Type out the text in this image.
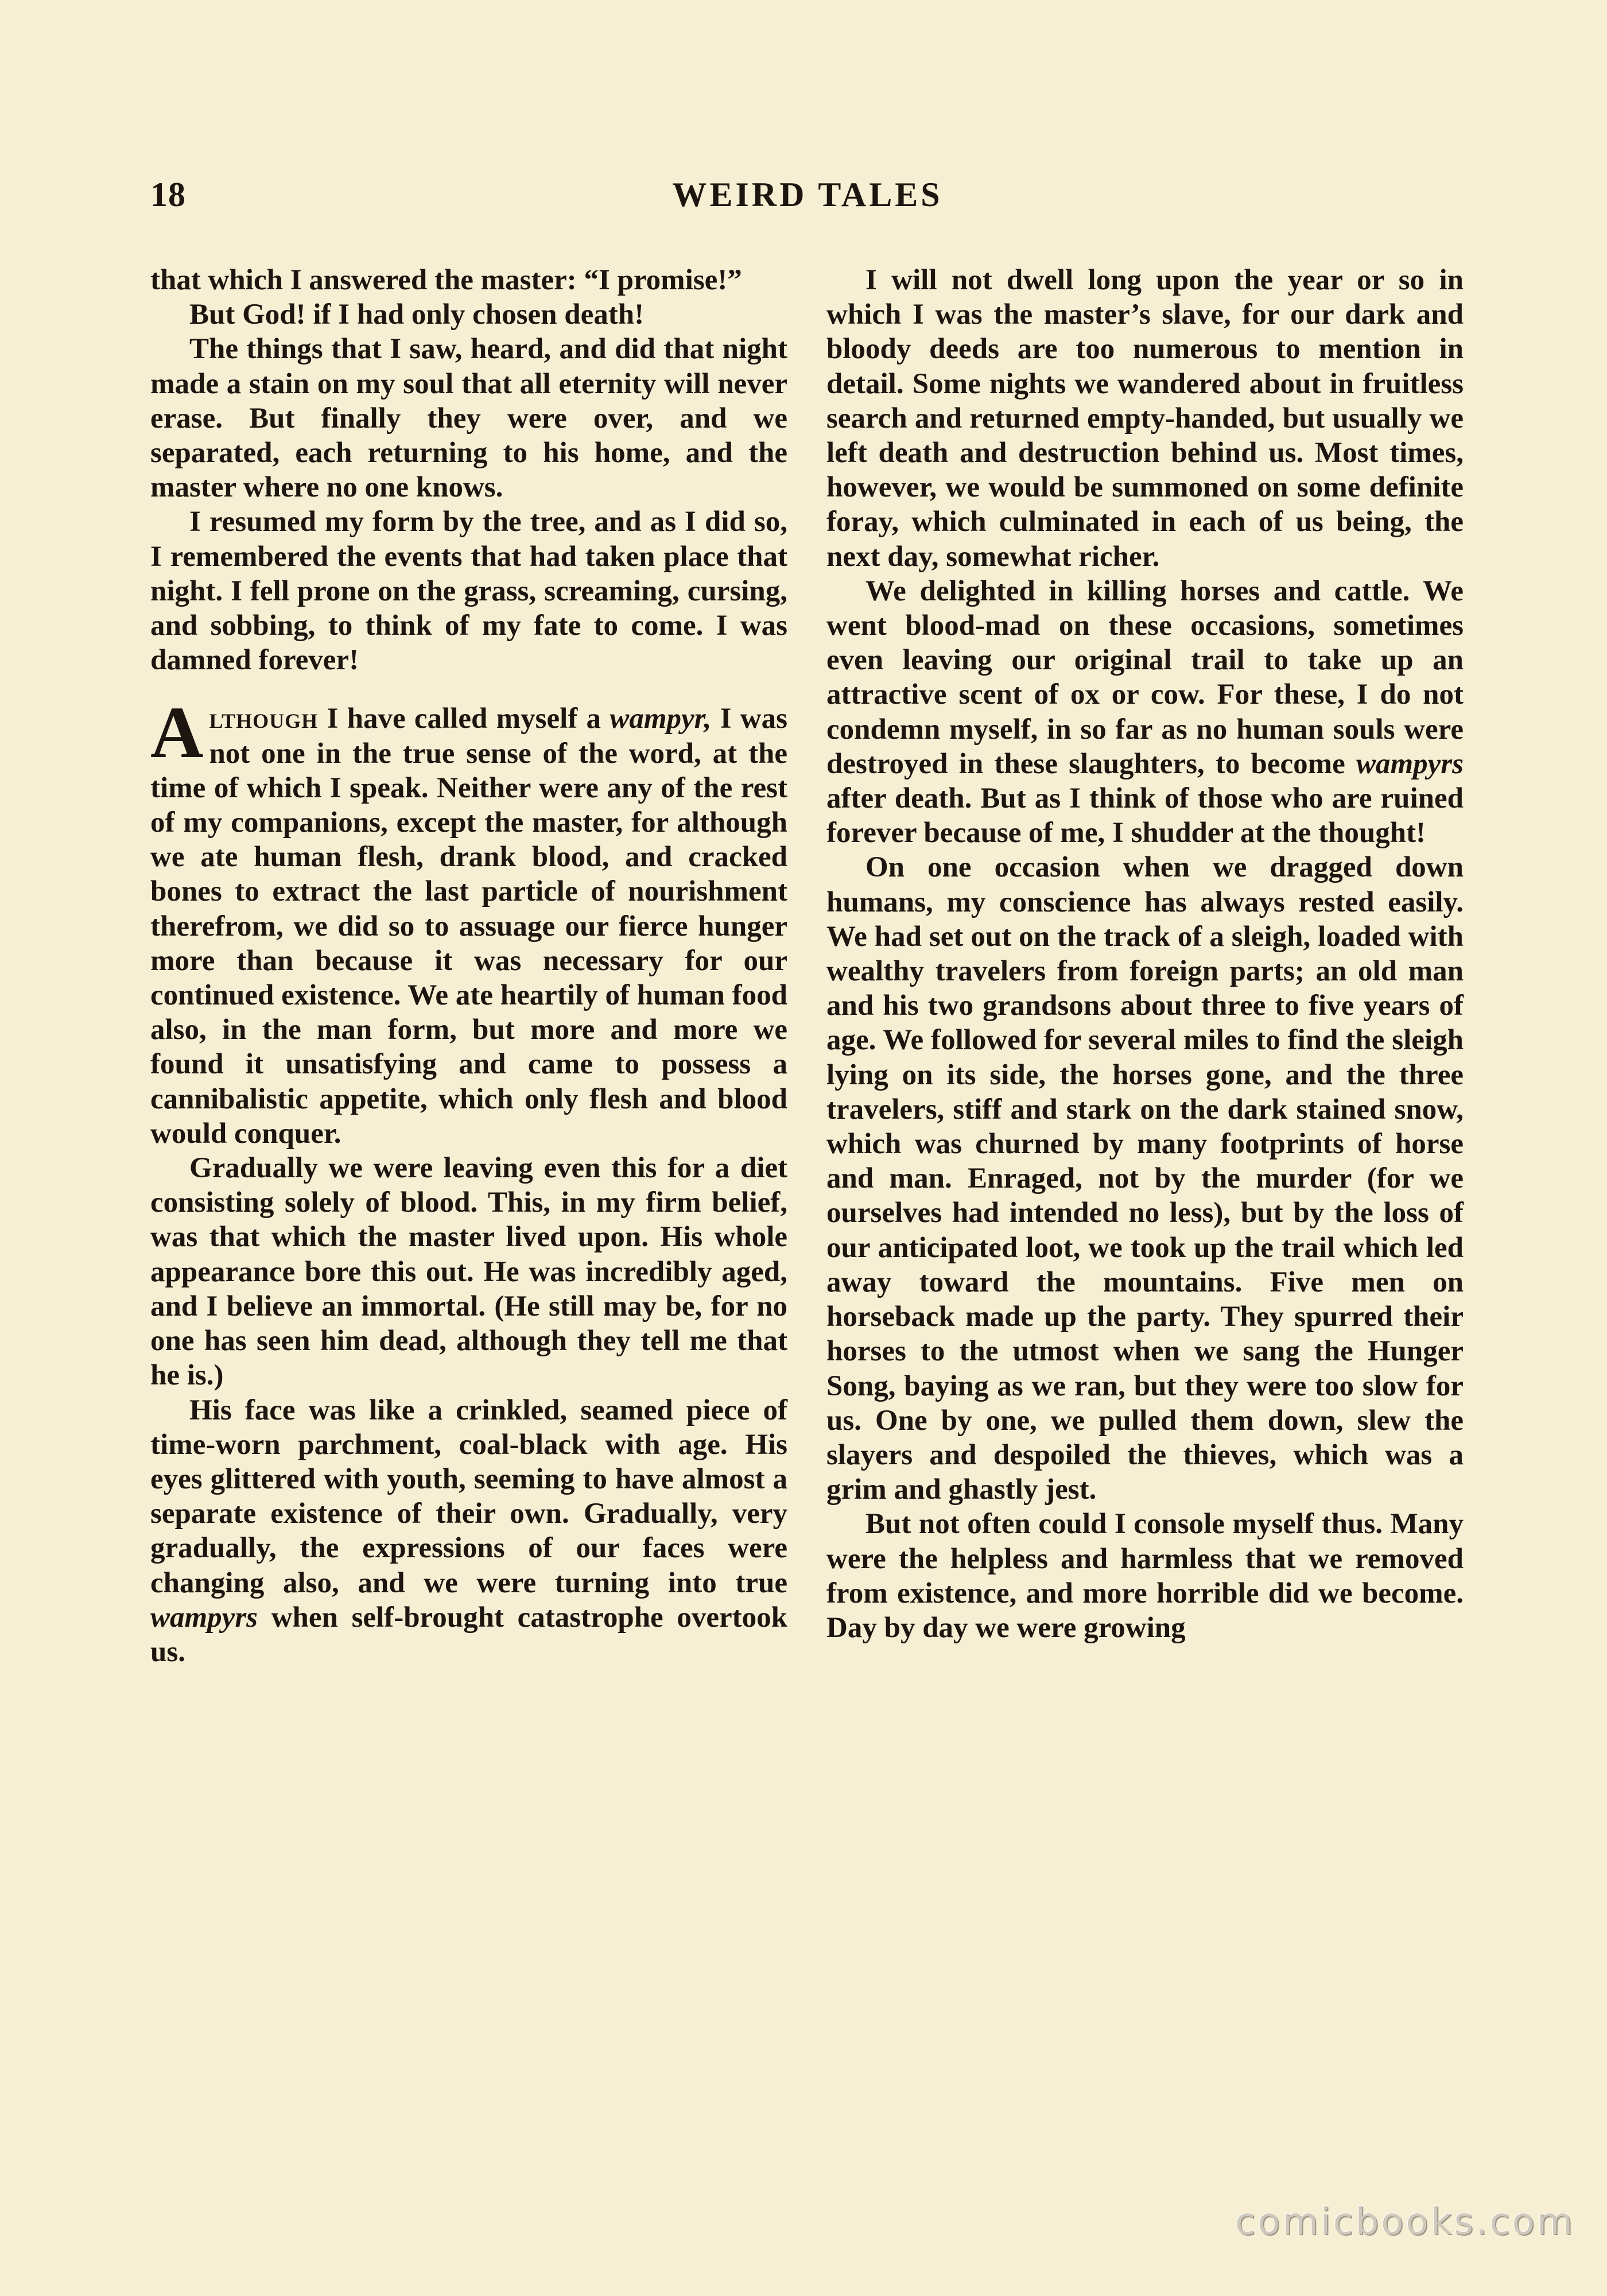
18	WEIRD TALES

that which I answered the master: “I promise!”

But God! if I had only chosen death!

The things that I saw, heard, and did that night made a stain on my soul that all eternity will never erase. But finally they were over, and we separated, each returning to his home, and the master where no one knows.

I resumed my form by the tree, and as I did so, I remembered the events that had taken place that night. I fell prone on the grass, screaming, cursing, and sobbing, to think of my fate to come. I was damned forever!

Although I have called myself a wampyr, I was not one in the true sense of the word, at the time of which I speak. Neither were any of the rest of my companions, except the master, for although we ate human flesh, drank blood, and cracked bones to extract the last particle of nourishment therefrom, we did so to assuage our fierce hunger more than because it was necessary for our continued existence. We ate heartily of human food also, in the man form, but more and more we found it unsatisfying and came to possess a cannibalistic appetite, which only flesh and blood would conquer.

Gradually we were leaving even this for a diet consisting solely of blood. This, in my firm belief, was that which the master lived upon. His whole appearance bore this out. He was incredibly aged, and I believe an immortal. (He still may be, for no one has seen him dead, although they tell me that he is.)

His face was like a crinkled, seamed piece of time-worn parchment, coal-black with age. His eyes glittered with youth, seeming to have almost a separate existence of their own. Gradually, very gradually, the expressions of our faces were changing also, and we were turning into true wampyrs when self-brought catastrophe overtook us.

I will not dwell long upon the year or so in which I was the master’s slave, for our dark and bloody deeds are too numerous to mention in detail. Some nights we wandered about in fruitless search and returned empty-handed, but usually we left death and destruction behind us. Most times, however, we would be summoned on some definite foray, which culminated in each of us being, the next day, somewhat richer.

We delighted in killing horses and cattle. We went blood-mad on these occasions, sometimes even leaving our original trail to take up an attractive scent of ox or cow. For these, I do not condemn myself, in so far as no human souls were destroyed in these slaughters, to become wampyrs after death. But as I think of those who are ruined forever because of me, I shudder at the thought!

On one occasion when we dragged down humans, my conscience has always rested easily. We had set out on the track of a sleigh, loaded with wealthy travelers from foreign parts; an old man and his two grandsons about three to five years of age. We followed for several miles to find the sleigh lying on its side, the horses gone, and the three travelers, stiff and stark on the dark stained snow, which was churned by many footprints of horse and man. Enraged, not by the murder (for we ourselves had intended no less), but by the loss of our anticipated loot, we took up the trail which led away toward the mountains. Five men on horseback made up the party. They spurred their horses to the utmost when we sang the Hunger Song, baying as we ran, but they were too slow for us. One by one, we pulled them down, slew the slayers and despoiled the thieves, which was a grim and ghastly jest.

But not often could I console myself thus. Many were the helpless and harmless that we removed from existence, and more horrible did we become. Day by day we were growing

comicbooks.com
